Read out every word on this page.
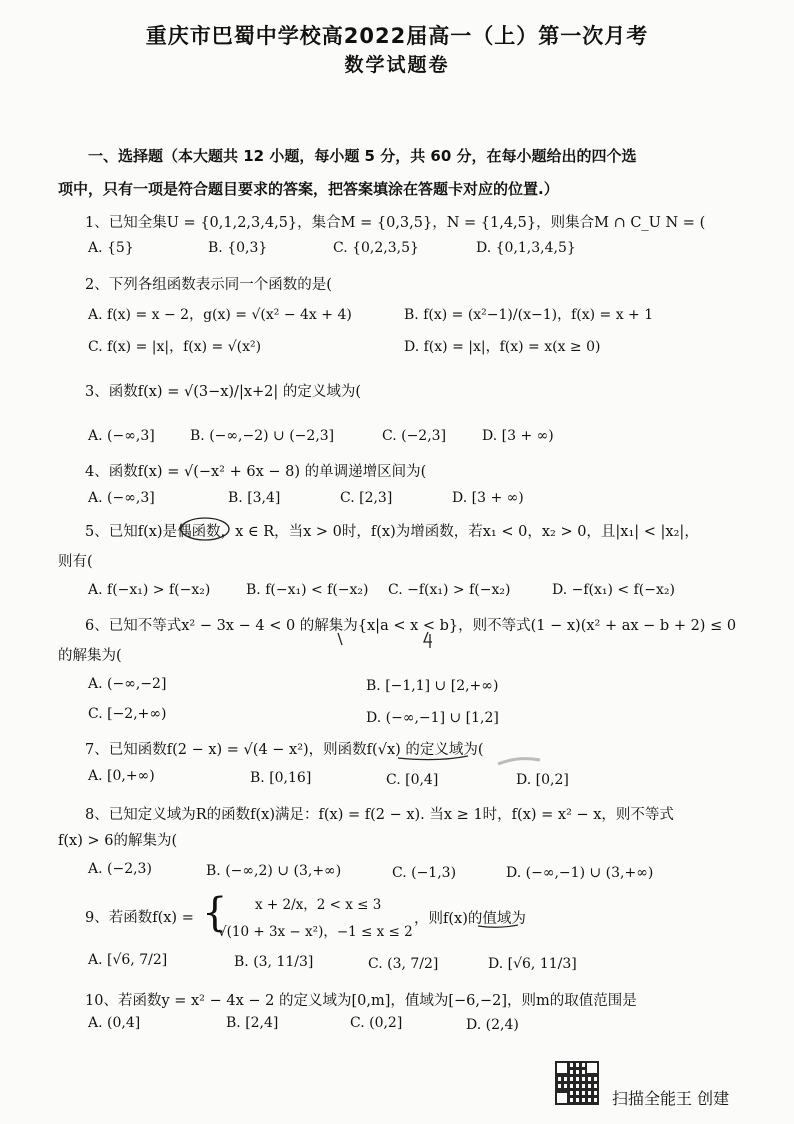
重庆市巴蜀中学校高2022届高一（上）第一次月考
数学试题卷
一、选择题（本大题共 12 小题，每小题 5 分，共 60 分，在每小题给出的四个选
项中，只有一项是符合题目要求的答案，把答案填涂在答题卡对应的位置.）
1、已知全集U = {0,1,2,3,4,5}，集合M = {0,3,5}，N = {1,4,5}，则集合M ∩ C_U N = (
A. {5}	B. {0,3}	C. {0,2,3,5}	D. {0,1,3,4,5}
2、下列各组函数表示同一个函数的是(
A. f(x) = x − 2，g(x) = √(x² − 4x + 4)	B. f(x) = (x²−1)/(x−1)，f(x) = x + 1
C. f(x) = |x|，f(x) = √(x²)	D. f(x) = |x|，f(x) = x(x ≥ 0)
3、函数f(x) = √(3−x)/|x+2| 的定义域为(
A. (−∞,3]	B. (−∞,−2) ∪ (−2,3]	C. (−2,3]	D. [3 + ∞)
4、函数f(x) = √(−x² + 6x − 8) 的单调递增区间为(
A. (−∞,3]	B. [3,4]	C. [2,3]	D. [3 + ∞)
5、已知f(x)是偶函数，x ∈ R，当x > 0时，f(x)为增函数，若x₁ < 0，x₂ > 0，且|x₁| < |x₂|，
则有(
A. f(−x₁) > f(−x₂)	B. f(−x₁) < f(−x₂) C. −f(x₁) > f(−x₂)	D. −f(x₁) < f(−x₂)
6、已知不等式x² − 3x − 4 < 0 的解集为{x|a < x < b}，则不等式(1 − x)(x² + ax − b + 2) ≤ 0
的解集为(
A. (−∞,−2]	B. [−1,1] ∪ [2,+∞)
C. [−2,+∞)	D. (−∞,−1] ∪ [1,2]
7、已知函数f(2 − x) = √(4 − x²)，则函数f(√x) 的定义域为(
A. [0,+∞)	B. [0,16]	C. [0,4]	D. [0,2]
8、已知定义域为R的函数f(x)满足：f(x) = f(2 − x). 当x ≥ 1时，f(x) = x² − x，则不等式
f(x) > 6的解集为(
A. (−2,3)	B. (−∞,2) ∪ (3,+∞)	C. (−1,3)	D. (−∞,−1) ∪ (3,+∞)
9、若函数f(x) = { x + 2/x，2 < x ≤ 3
√(10 + 3x − x²)，−1 ≤ x ≤ 2
，则f(x)的值域为
A. [√6, 7/2]	B. (3, 11/3]	C. (3, 7/2]	D. [√6, 11/3]
10、若函数y = x² − 4x − 2 的定义域为[0,m]，值域为[−6,−2]，则m的取值范围是
A. (0,4]	B. [2,4]	C. (0,2]	D. (2,4)
扫描全能王 创建
